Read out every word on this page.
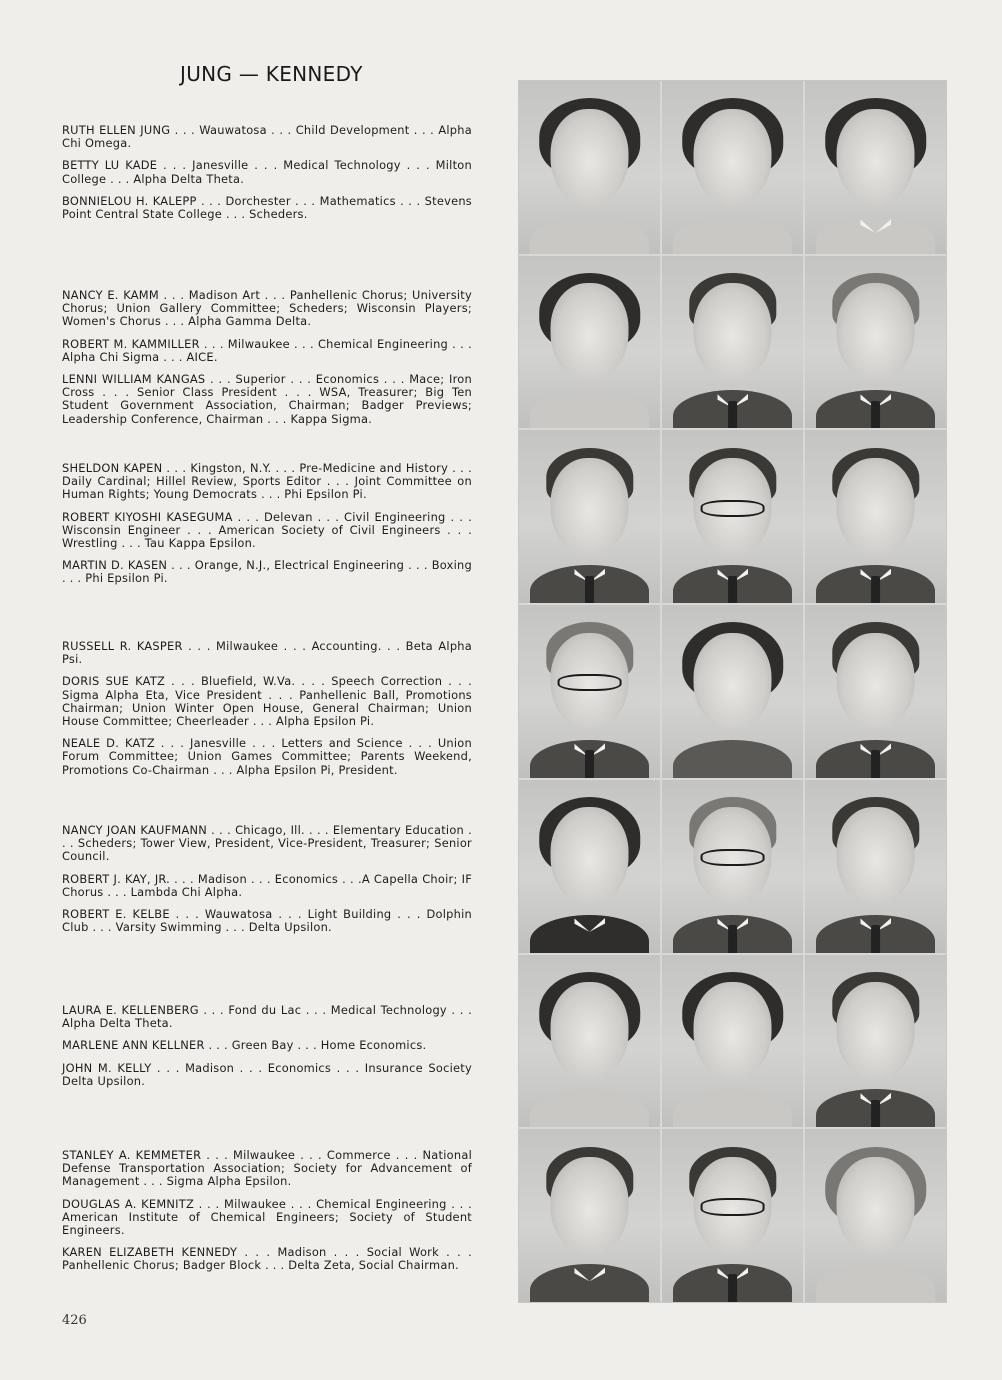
JUNG — KENNEDY

RUTH ELLEN JUNG . . . Wauwatosa . . . Child Development . . . Alpha Chi Omega.

BETTY LU KADE . . . Janesville . . . Medical Technology . . . Milton College . . . Alpha Delta Theta.

BONNIELOU H. KALEPP . . . Dorchester . . . Mathematics . . . Stevens Point Central State College . . . Scheders.

NANCY E. KAMM . . . Madison Art . . . Panhellenic Chorus; University Chorus; Union Gallery Committee; Scheders; Wisconsin Players; Women's Chorus . . . Alpha Gamma Delta.

ROBERT M. KAMMILLER . . . Milwaukee . . . Chemical Engineering . . . Alpha Chi Sigma . . . AICE.

LENNI WILLIAM KANGAS . . . Superior . . . Economics . . . Mace; Iron Cross . . . Senior Class President . . . WSA, Treasurer; Big Ten Student Government Association, Chairman; Badger Previews; Leadership Conference, Chairman . . . Kappa Sigma.

SHELDON KAPEN . . . Kingston, N.Y. . . . Pre-Medicine and History . . . Daily Cardinal; Hillel Review, Sports Editor . . . Joint Committee on Human Rights; Young Democrats . . . Phi Epsilon Pi.

ROBERT KIYOSHI KASEGUMA . . . Delevan . . . Civil Engineering . . . Wisconsin Engineer . . . American Society of Civil Engineers . . . Wrestling . . . Tau Kappa Epsilon.

MARTIN D. KASEN . . . Orange, N.J., Electrical Engineering . . . Boxing . . . Phi Epsilon Pi.

RUSSELL R. KASPER . . . Milwaukee . . . Accounting. . . Beta Alpha Psi.

DORIS SUE KATZ . . . Bluefield, W.Va. . . . Speech Correction . . . Sigma Alpha Eta, Vice President . . . Panhellenic Ball, Promotions Chairman; Union Winter Open House, General Chairman; Union House Committee; Cheerleader . . . Alpha Epsilon Pi.

NEALE D. KATZ . . . Janesville . . . Letters and Science . . . Union Forum Committee; Union Games Committee; Parents Weekend, Promotions Co-Chairman . . . Alpha Epsilon Pi, President.

NANCY JOAN KAUFMANN . . . Chicago, Ill. . . . Elementary Education . . . Scheders; Tower View, President, Vice-President, Treasurer; Senior Council.

ROBERT J. KAY, JR. . . . Madison . . . Economics . . .A Capella Choir; IF Chorus . . . Lambda Chi Alpha.

ROBERT E. KELBE . . . Wauwatosa . . . Light Building . . . Dolphin Club . . . Varsity Swimming . . . Delta Upsilon.

LAURA E. KELLENBERG . . . Fond du Lac . . . Medical Technology . . . Alpha Delta Theta.

MARLENE ANN KELLNER . . . Green Bay . . . Home Economics.

JOHN M. KELLY . . . Madison . . . Economics . . . Insurance Society Delta Upsilon.

STANLEY A. KEMMETER . . . Milwaukee . . . Commerce . . . National Defense Transportation Association; Society for Advancement of Management . . . Sigma Alpha Epsilon.

DOUGLAS A. KEMNITZ . . . Milwaukee . . . Chemical Engineering . . . American Institute of Chemical Engineers; Society of Student Engineers.

KAREN ELIZABETH KENNEDY . . . Madison . . . Social Work . . . Panhellenic Chorus; Badger Block . . . Delta Zeta, Social Chairman.

426
